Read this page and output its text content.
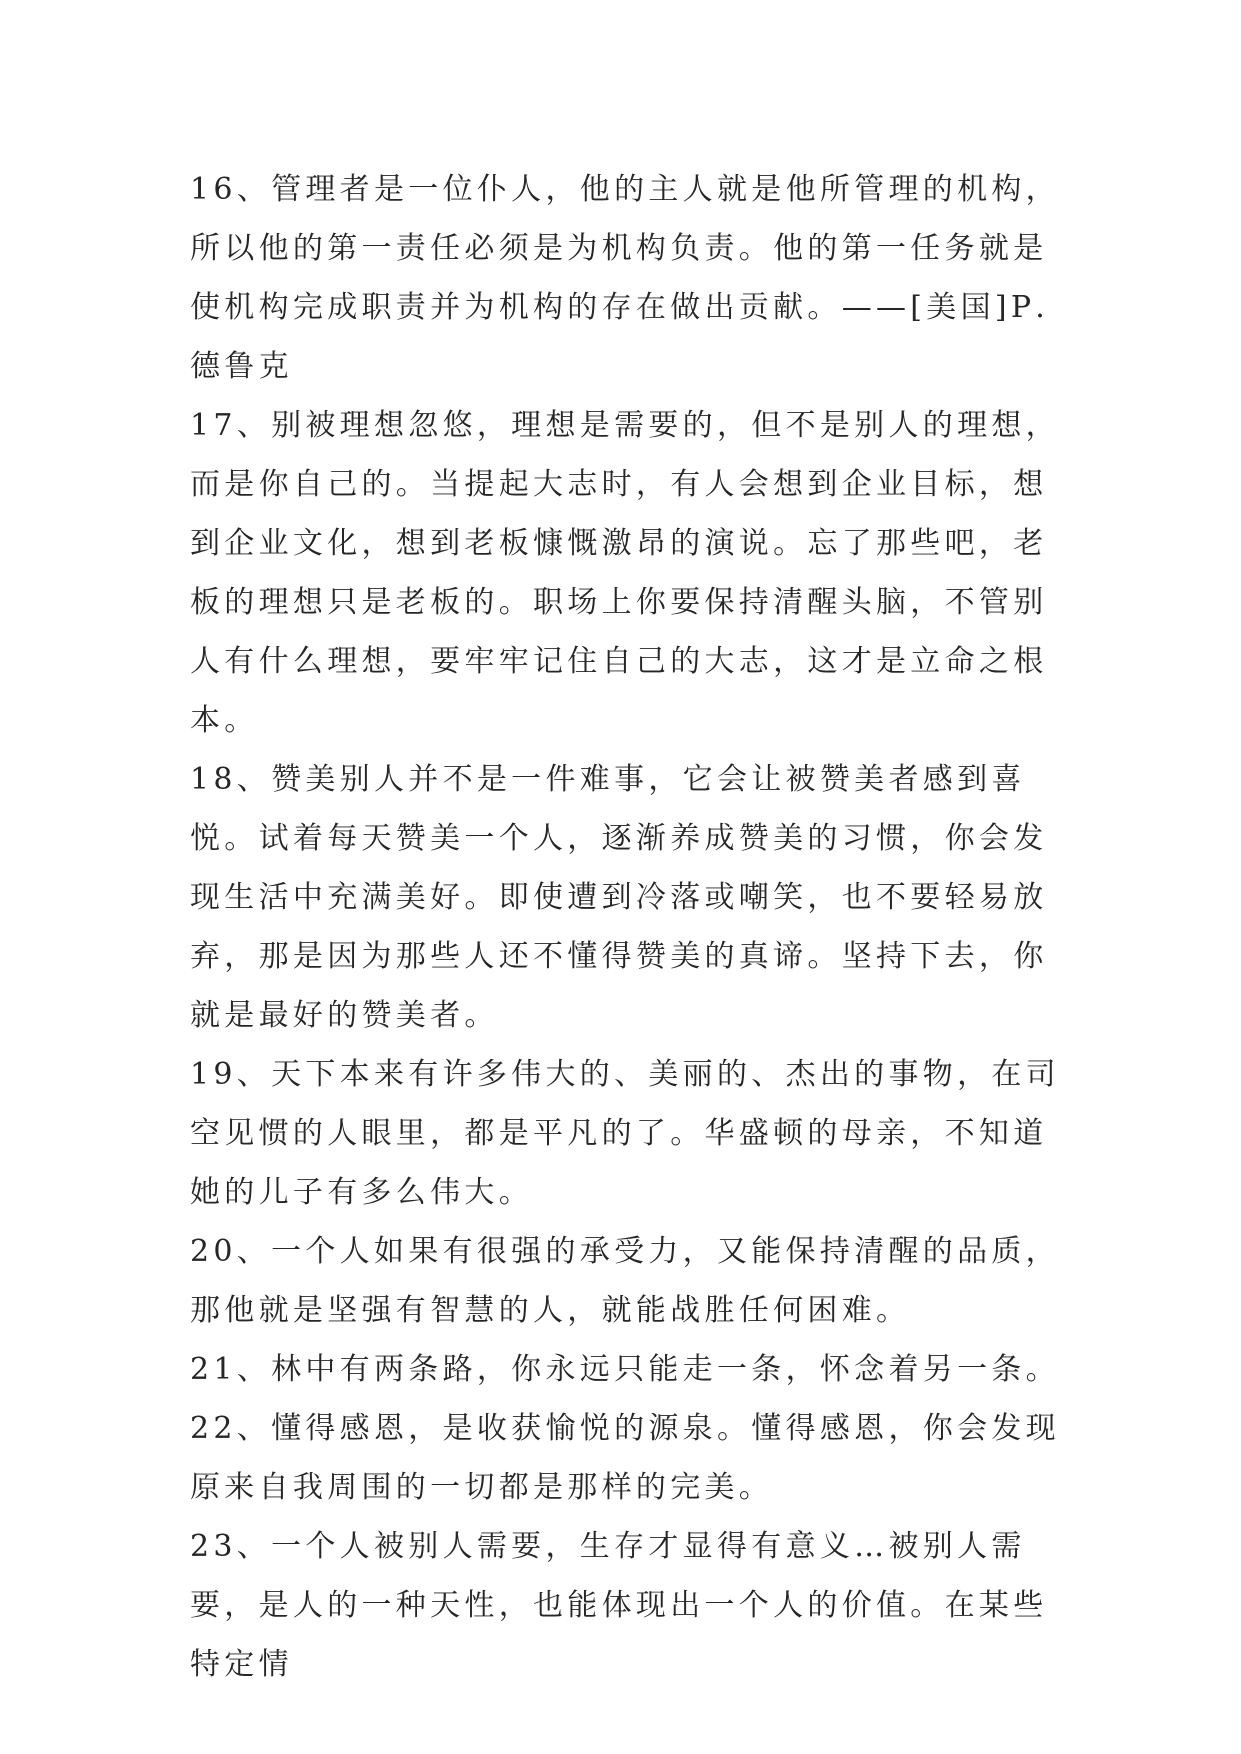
16、管理者是一位仆人，他的主人就是他所管理的机构，所以他的第一责任必须是为机构负责。他的第一任务就是使机构完成职责并为机构的存在做出贡献。——[美国]P．德鲁克

17、别被理想忽悠，理想是需要的，但不是别人的理想，而是你自己的。当提起大志时，有人会想到企业目标，想到企业文化，想到老板慷慨激昂的演说。忘了那些吧，老板的理想只是老板的。职场上你要保持清醒头脑，不管别人有什么理想，要牢牢记住自己的大志，这才是立命之根本。

18、赞美别人并不是一件难事，它会让被赞美者感到喜悦。试着每天赞美一个人，逐渐养成赞美的习惯，你会发现生活中充满美好。即使遭到冷落或嘲笑，也不要轻易放弃，那是因为那些人还不懂得赞美的真谛。坚持下去，你就是最好的赞美者。

19、天下本来有许多伟大的、美丽的、杰出的事物，在司空见惯的人眼里，都是平凡的了。华盛顿的母亲，不知道她的儿子有多么伟大。

20、一个人如果有很强的承受力，又能保持清醒的品质，那他就是坚强有智慧的人，就能战胜任何困难。

21、林中有两条路，你永远只能走一条，怀念着另一条。

22、懂得感恩，是收获愉悦的源泉。懂得感恩，你会发现原来自我周围的一切都是那样的完美。

23、一个人被别人需要，生存才显得有意义…被别人需要，是人的一种天性，也能体现出一个人的价值。在某些特定情
